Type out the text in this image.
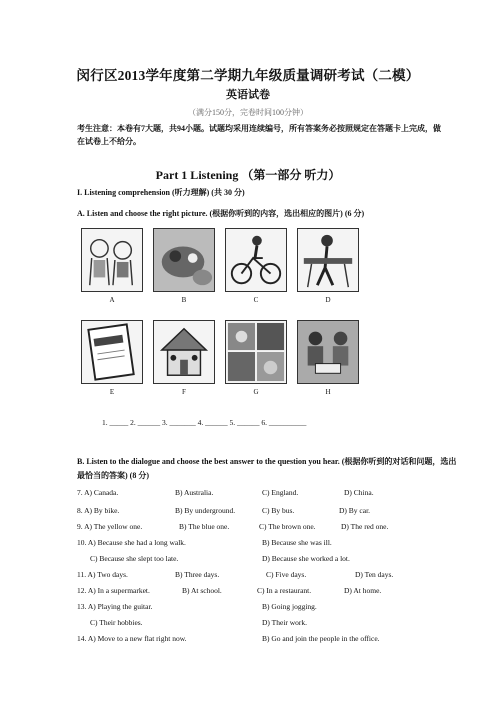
闵行区2013学年度第二学期九年级质量调研考试（二模）
英语试卷
（满分150分，完卷时间100分钟）
考生注意：本卷有7大题，共94小题。试题均采用连续编号，所有答案务必按照规定在答题卡上完成，做在试卷上不给分。
Part 1 Listening （第一部分 听力）
I. Listening comprehension (听力理解) (共 30 分)
A. Listen and choose the right picture. (根据你听到的内容，选出相应的图片) (6 分)
A	B	C	D
E	F	G	H
1. _____ 2. ______ 3. _______ 4. ______ 5. ______ 6. __________
B. Listen to the dialogue and choose the best answer to the question you hear. (根据你听到的对话和问题，选出最恰当的答案) (8 分)
7. A) Canada.	B) Australia.	C) England.	D) China.
8. A) By bike.	B) By underground.	C) By bus.	D) By car.
9. A) The yellow one.	B) The blue one.	C) The brown one.	D) The red one.
10. A) Because she had a long walk.	B) Because she was ill.
C) Because she slept too late.	D) Because she worked a lot.
11. A) Two days.	B) Three days.	C) Five days.	D) Ten days.
12. A) In a supermarket.	B) At school.	C) In a restaurant.	D) At home.
13. A) Playing the guitar.	B) Going jogging.
C) Their hobbies.	D) Their work.
14. A) Move to a new flat right now.	B) Go and join the people in the office.
